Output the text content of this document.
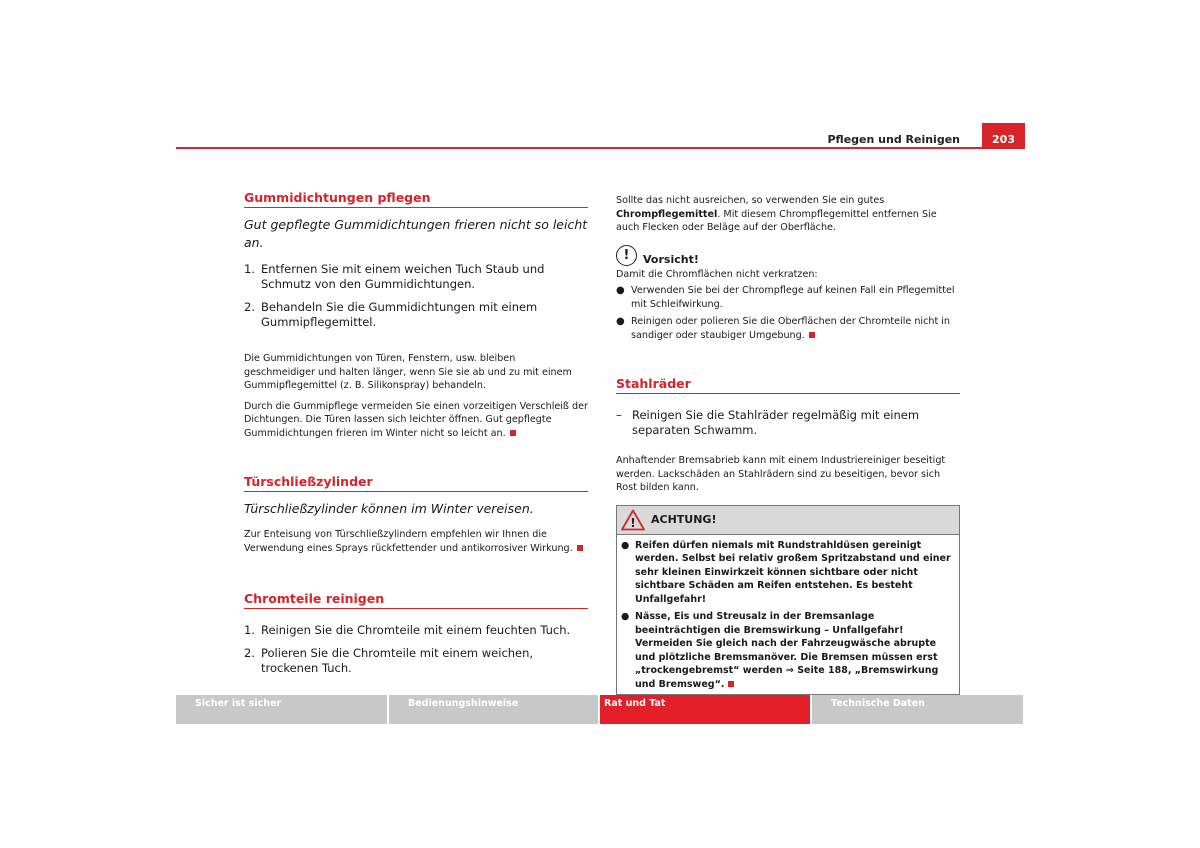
Pflegen und Reinigen	203
Gummidichtungen pflegen

Gut gepflegte Gummidichtungen frieren nicht so leicht an.

1. Entfernen Sie mit einem weichen Tuch Staub und Schmutz von den Gummidichtungen.

2. Behandeln Sie die Gummidichtungen mit einem Gummipflegemittel.

Die Gummidichtungen von Türen, Fenstern, usw. bleiben geschmeidiger und halten länger, wenn Sie sie ab und zu mit einem Gummipflegemittel (z. B. Silikonspray) behandeln.

Durch die Gummipflege vermeiden Sie einen vorzeitigen Verschleiß der Dichtungen. Die Türen lassen sich leichter öffnen. Gut gepflegte Gummidichtungen frieren im Winter nicht so leicht an.

Türschließzylinder

Türschließzylinder können im Winter vereisen.

Zur Enteisung von Türschließzylindern empfehlen wir Ihnen die Verwendung eines Sprays rückfettender und antikorrosiver Wirkung.

Chromteile reinigen

1. Reinigen Sie die Chromteile mit einem feuchten Tuch.

2. Polieren Sie die Chromteile mit einem weichen, trockenen Tuch.

Sollte das nicht ausreichen, so verwenden Sie ein gutes Chrompflegemittel. Mit diesem Chrompflegemittel entfernen Sie auch Flecken oder Beläge auf der Oberfläche.

!	Vorsicht!

Damit die Chromflächen nicht verkratzen:

● Verwenden Sie bei der Chrompflege auf keinen Fall ein Pflegemittel mit Schleifwirkung.

● Reinigen oder polieren Sie die Oberflächen der Chromteile nicht in sandiger oder staubiger Umgebung.

Stahlräder

– Reinigen Sie die Stahlräder regelmäßig mit einem separaten Schwamm.

Anhaftender Bremsabrieb kann mit einem Industriereiniger beseitigt werden. Lackschäden an Stahlrädern sind zu beseitigen, bevor sich Rost bilden kann.

! ACHTUNG!

● Reifen dürfen niemals mit Rundstrahldüsen gereinigt werden. Selbst bei relativ großem Spritzabstand und einer sehr kleinen Einwirkzeit können sichtbare oder nicht sichtbare Schäden am Reifen entstehen. Es besteht Unfallgefahr!

● Nässe, Eis und Streusalz in der Bremsanlage beeinträchtigen die Bremswirkung – Unfallgefahr! Vermeiden Sie gleich nach der Fahrzeugwäsche abrupte und plötzliche Bremsmanöver. Die Bremsen müssen erst „trockengebremst“ werden ⇒ Seite 188, „Bremswirkung und Bremsweg“.

Sicher ist sicher	Bedienungshinweise	Rat und Tat	Technische Daten
